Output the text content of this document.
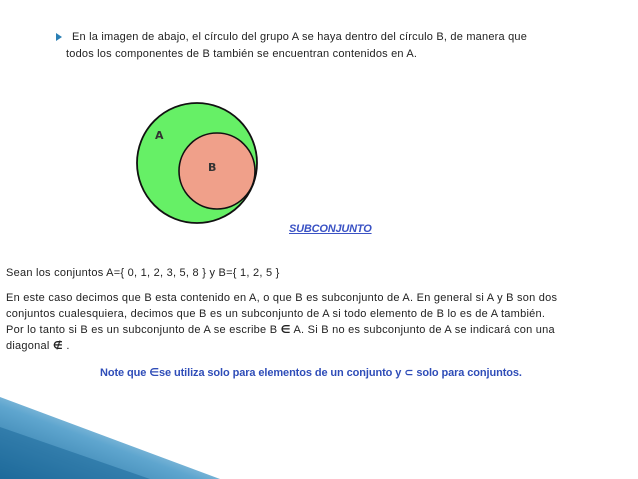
En la imagen de abajo, el círculo del grupo A se haya dentro del círculo B, de manera que
todos los componentes de B también se encuentran contenidos en A.
A
B
SUBCONJUNTO

Sean los conjuntos A={ 0, 1, 2, 3, 5, 8 } y B={ 1, 2, 5 }

En este caso decimos que B esta contenido en A, o que B es subconjunto de A. En general si A y B son dos
conjuntos cualesquiera, decimos que B es un subconjunto de A si todo elemento de B lo es de A también.
Por lo tanto si B es un subconjunto de A se escribe B ∈ A. Si B no es subconjunto de A se indicará con una
diagonal ∉ .

Note que ∈se utiliza solo para elementos de un conjunto y ⊂ solo para conjuntos.
